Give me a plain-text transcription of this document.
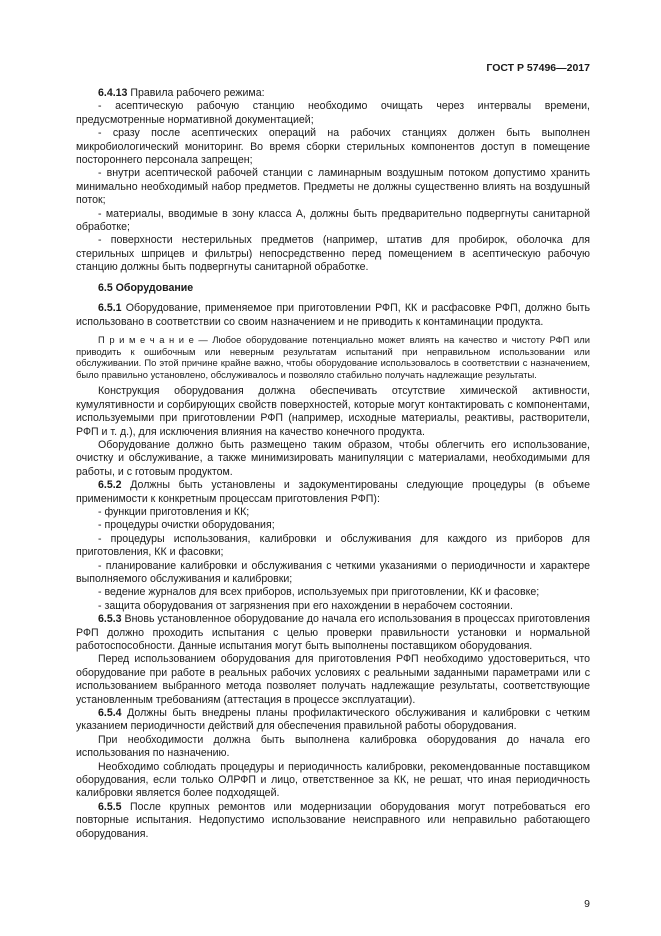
ГОСТ Р 57496—2017

6.4.13 Правила рабочего режима:

- асептическую рабочую станцию необходимо очищать через интервалы времени, предусмотренные нормативной документацией;

- сразу после асептических операций на рабочих станциях должен быть выполнен микробиологический мониторинг. Во время сборки стерильных компонентов доступ в помещение постороннего персонала запрещен;

- внутри асептической рабочей станции с ламинарным воздушным потоком допустимо хранить минимально необходимый набор предметов. Предметы не должны существенно влиять на воздушный поток;

- материалы, вводимые в зону класса А, должны быть предварительно подвергнуты санитарной обработке;

- поверхности нестерильных предметов (например, штатив для пробирок, оболочка для стерильных шприцев и фильтры) непосредственно перед помещением в асептическую рабочую станцию должны быть подвергнуты санитарной обработке.

6.5 Оборудование

6.5.1 Оборудование, применяемое при приготовлении РФП, КК и расфасовке РФП, должно быть использовано в соответствии со своим назначением и не приводить к контаминации продукта.

П р и м е ч а н и е — Любое оборудование потенциально может влиять на качество и чистоту РФП или приводить к ошибочным или неверным результатам испытаний при неправильном использовании или обслуживании. По этой причине крайне важно, чтобы оборудование использовалось в соответствии с назначением, было правильно установлено, обслуживалось и позволяло стабильно получать надлежащие результаты.

Конструкция оборудования должна обеспечивать отсутствие химической активности, кумулятивности и сорбирующих свойств поверхностей, которые могут контактировать с компонентами, используемыми при приготовлении РФП (например, исходные материалы, реактивы, растворители, РФП и т. д.), для исключения влияния на качество конечного продукта.

Оборудование должно быть размещено таким образом, чтобы облегчить его использование, очистку и обслуживание, а также минимизировать манипуляции с материалами, необходимыми для работы, и с готовым продуктом.

6.5.2 Должны быть установлены и задокументированы следующие процедуры (в объеме применимости к конкретным процессам приготовления РФП):

- функции приготовления и КК;

- процедуры очистки оборудования;

- процедуры использования, калибровки и обслуживания для каждого из приборов для приготовления, КК и фасовки;

- планирование калибровки и обслуживания с четкими указаниями о периодичности и характере выполняемого обслуживания и калибровки;

- ведение журналов для всех приборов, используемых при приготовлении, КК и фасовке;

- защита оборудования от загрязнения при его нахождении в нерабочем состоянии.

6.5.3 Вновь установленное оборудование до начала его использования в процессах приготовления РФП должно проходить испытания с целью проверки правильности установки и нормальной работоспособности. Данные испытания могут быть выполнены поставщиком оборудования.

Перед использованием оборудования для приготовления РФП необходимо удостовериться, что оборудование при работе в реальных рабочих условиях с реальными заданными параметрами или с использованием выбранного метода позволяет получать надлежащие результаты, соответствующие установленным требованиям (аттестация в процессе эксплуатации).

6.5.4 Должны быть внедрены планы профилактического обслуживания и калибровки с четким указанием периодичности действий для обеспечения правильной работы оборудования.

При необходимости должна быть выполнена калибровка оборудования до начала его использования по назначению.

Необходимо соблюдать процедуры и периодичность калибровки, рекомендованные поставщиком оборудования, если только ОЛРФП и лицо, ответственное за КК, не решат, что иная периодичность калибровки является более подходящей.

6.5.5 После крупных ремонтов или модернизации оборудования могут потребоваться его повторные испытания. Недопустимо использование неисправного или неправильно работающего оборудования.

9
